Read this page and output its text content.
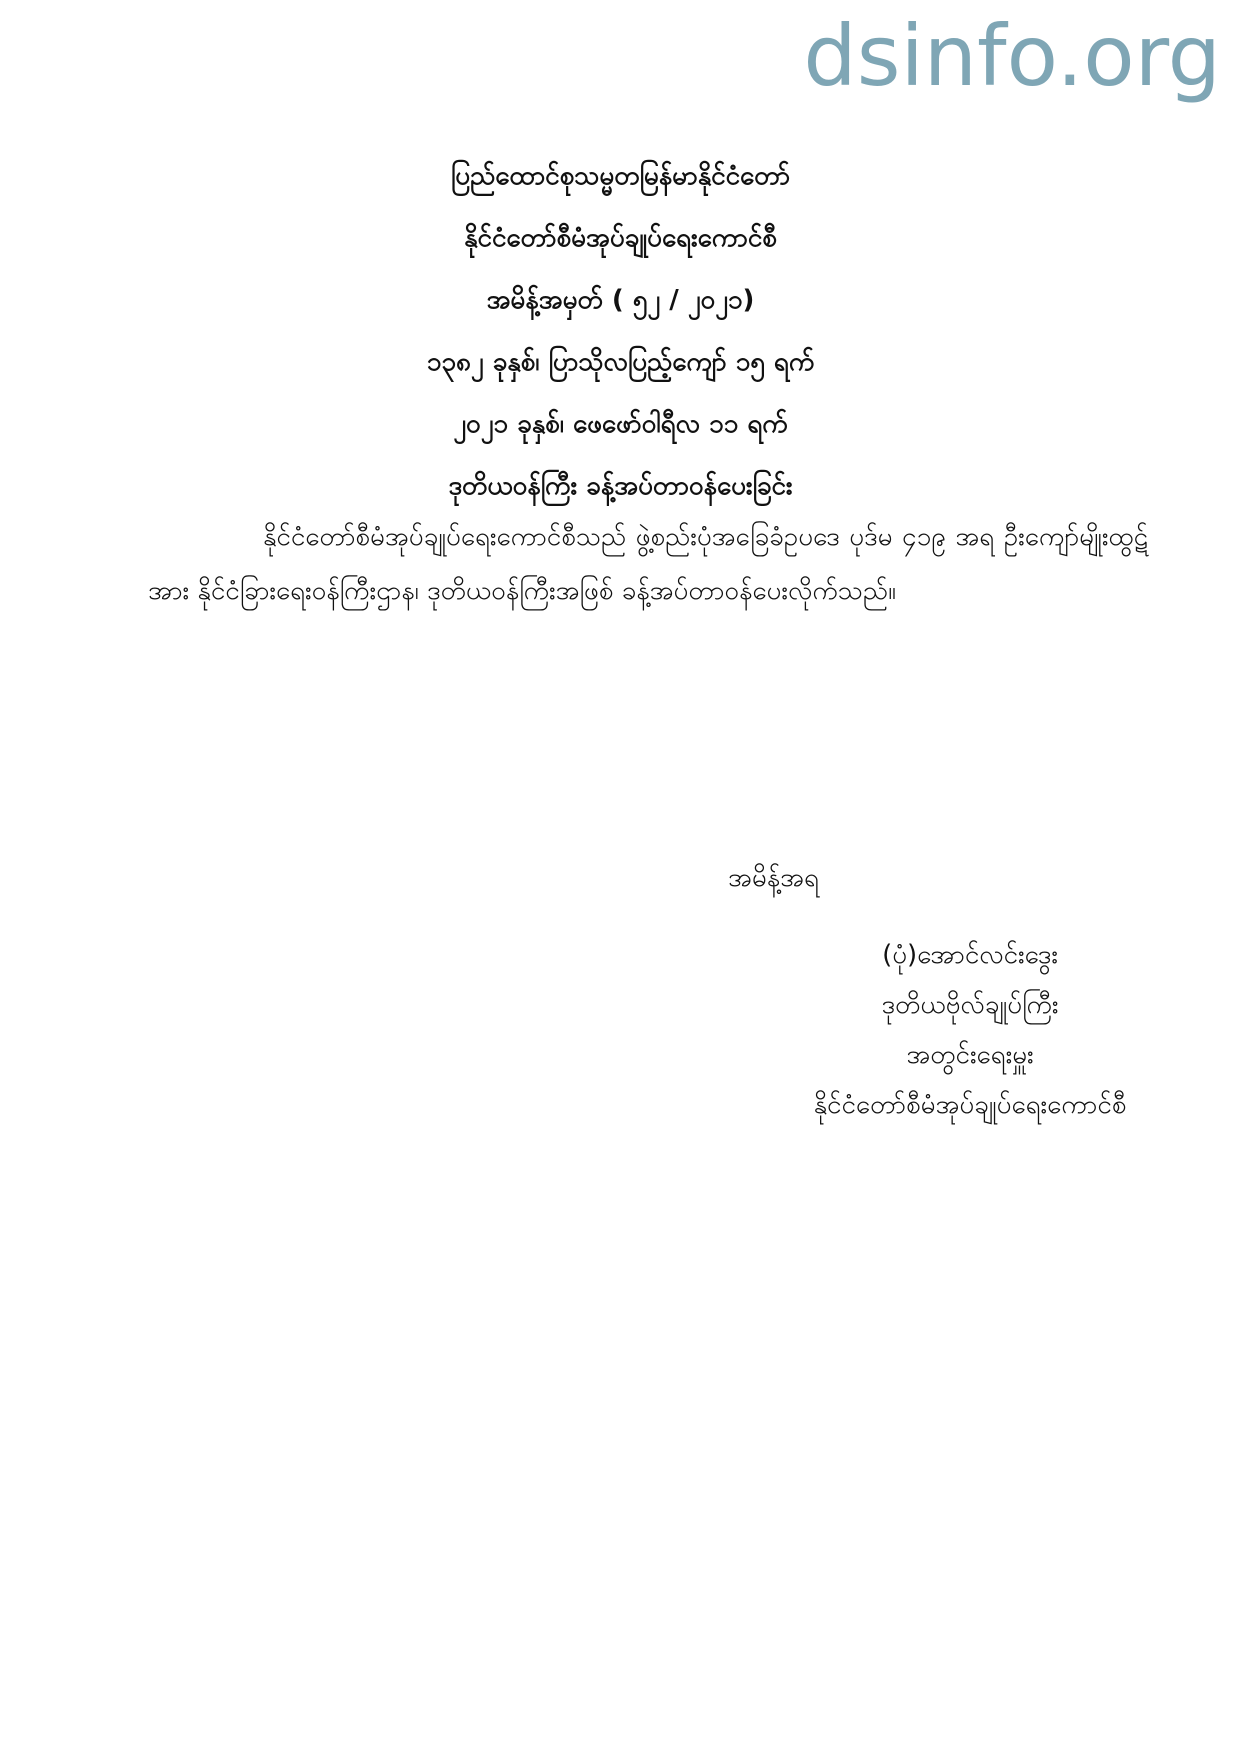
dsinfo.org
ပြည်ထောင်စုသမ္မတမြန်မာနိုင်ငံတော်
နိုင်ငံတော်စီမံအုပ်ချုပ်ရေးကောင်စီ
အမိန့်အမှတ် ( ၅၂ / ၂၀၂၁)
၁၃၈၂ ခုနှစ်၊ ပြာသိုလပြည့်ကျော် ၁၅ ရက်
၂၀၂၁ ခုနှစ်၊ ဖေဖော်ဝါရီလ ၁၁ ရက်
ဒုတိယဝန်ကြီး ခန့်အပ်တာဝန်ပေးခြင်း
နိုင်ငံတော်စီမံအုပ်ချုပ်ရေးကောင်စီသည် ဖွဲ့စည်းပုံအခြေခံဥပဒေ ပုဒ်မ ၄၁၉ အရ ဦးကျော်မျိုးထွဋ်အား နိုင်ငံခြားရေးဝန်ကြီးဌာန၊ ဒုတိယဝန်ကြီးအဖြစ် ခန့်အပ်တာဝန်ပေးလိုက်သည်။
အမိန့်အရ
(ပုံ)အောင်လင်းဒွေး
ဒုတိယဗိုလ်ချုပ်ကြီး
အတွင်းရေးမှူး
နိုင်ငံတော်စီမံအုပ်ချုပ်ရေးကောင်စီ
